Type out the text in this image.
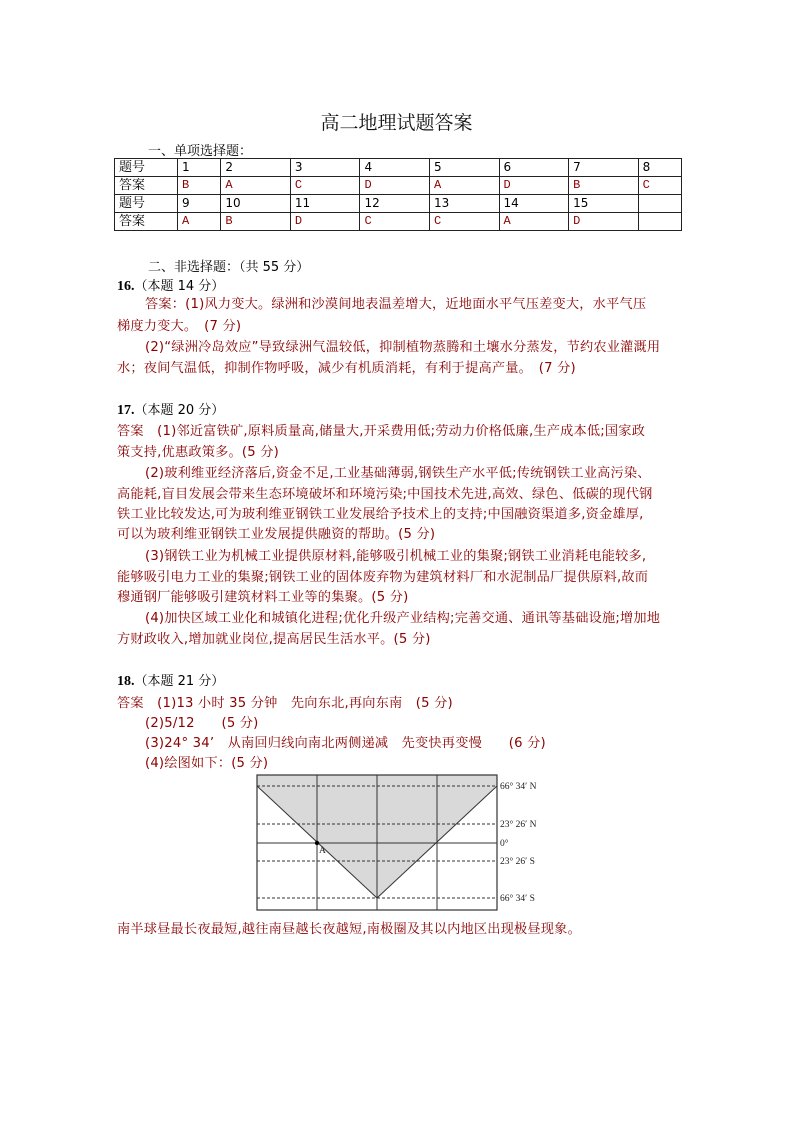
高二地理试题答案
一、单项选择题：
题号	1	2	3	4	5	6	7	8
答案	B	A	C	D	A	D	B	C
题号	9	10	11	12	13	14	15	
答案	A	B	D	C	C	A	D	
二、非选择题：（共 55 分）
16.（本题 14 分）
答案：(1)风力变大。绿洲和沙漠间地表温差增大，近地面水平气压差变大，水平气压
梯度力变大。　(7 分)
(2)“绿洲冷岛效应”导致绿洲气温较低，抑制植物蒸腾和土壤水分蒸发，节约农业灌溉用
水；夜间气温低，抑制作物呼吸，减少有机质消耗，有利于提高产量。　(7 分)
17.（本题 20 分）
答案　(1)邻近富铁矿,原料质量高,储量大,开采费用低;劳动力价格低廉,生产成本低;国家政
策支持,优惠政策多。(5 分)
(2)玻利维亚经济落后,资金不足,工业基础薄弱,钢铁生产水平低;传统钢铁工业高污染、
高能耗,盲目发展会带来生态环境破坏和环境污染;中国技术先进,高效、绿色、低碳的现代钢
铁工业比较发达,可为玻利维亚钢铁工业发展给予技术上的支持;中国融资渠道多,资金雄厚,
可以为玻利维亚钢铁工业发展提供融资的帮助。(5 分)
(3)钢铁工业为机械工业提供原材料,能够吸引机械工业的集聚;钢铁工业消耗电能较多,
能够吸引电力工业的集聚;钢铁工业的固体废弃物为建筑材料厂和水泥制品厂提供原料,故而
穆通钢厂能够吸引建筑材料工业等的集聚。(5 分)
(4)加快区域工业化和城镇化进程;优化升级产业结构;完善交通、通讯等基础设施;增加地
方财政收入,增加就业岗位,提高居民生活水平。(5 分)
18.（本题 21 分）
答案　(1)13 小时 35 分钟　先向东北,再向东南　(5 分)
(2)5/12　　(5 分)
(3)24° 34’　从南回归线向南北两侧递减　先变快再变慢　　(6 分)
(4)绘图如下：(5 分)
A
66° 34′ N
23° 26′ N
0°
23° 26′ S
66° 34′ S
南半球昼最长夜最短,越往南昼越长夜越短,南极圈及其以内地区出现极昼现象。
